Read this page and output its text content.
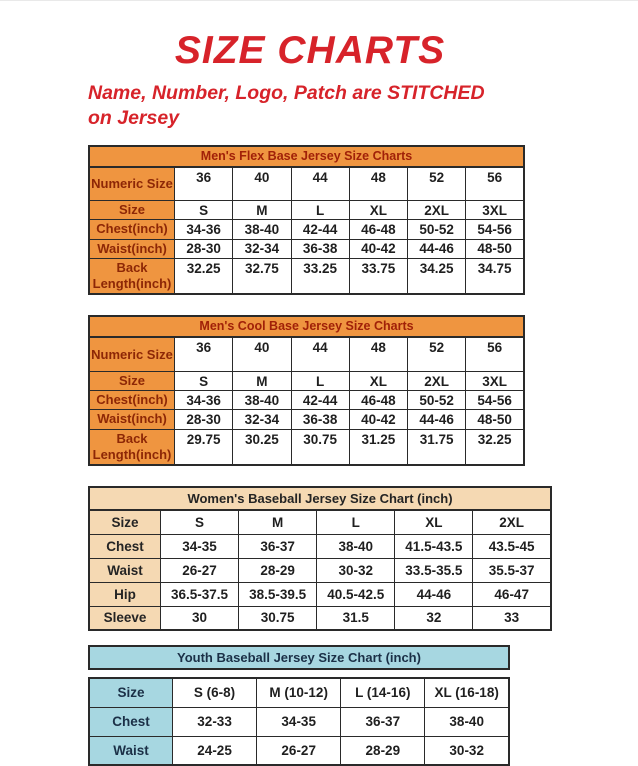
SIZE CHARTS
Name, Number, Logo, Patch are STITCHED
on Jersey
Men's Flex Base Jersey Size Charts
Numeric Size	36	40	44	48	52	56
Size	S	M	L	XL	2XL	3XL
Chest(inch)	34-36	38-40	42-44	46-48	50-52	54-56
Waist(inch)	28-30	32-34	36-38	40-42	44-46	48-50
Back Length(inch)	32.25	32.75	33.25	33.75	34.25	34.75
Men's Cool Base Jersey Size Charts
Numeric Size	36	40	44	48	52	56
Size	S	M	L	XL	2XL	3XL
Chest(inch)	34-36	38-40	42-44	46-48	50-52	54-56
Waist(inch)	28-30	32-34	36-38	40-42	44-46	48-50
Back Length(inch)	29.75	30.25	30.75	31.25	31.75	32.25
Women's Baseball Jersey Size Chart (inch)
Size	S	M	L	XL	2XL
Chest	34-35	36-37	38-40	41.5-43.5	43.5-45
Waist	26-27	28-29	30-32	33.5-35.5	35.5-37
Hip	36.5-37.5	38.5-39.5	40.5-42.5	44-46	46-47
Sleeve	30	30.75	31.5	32	33
Youth Baseball Jersey Size Chart (inch)
Size	S (6-8)	M (10-12)	L (14-16)	XL (16-18)
Chest	32-33	34-35	36-37	38-40
Waist	24-25	26-27	28-29	30-32
